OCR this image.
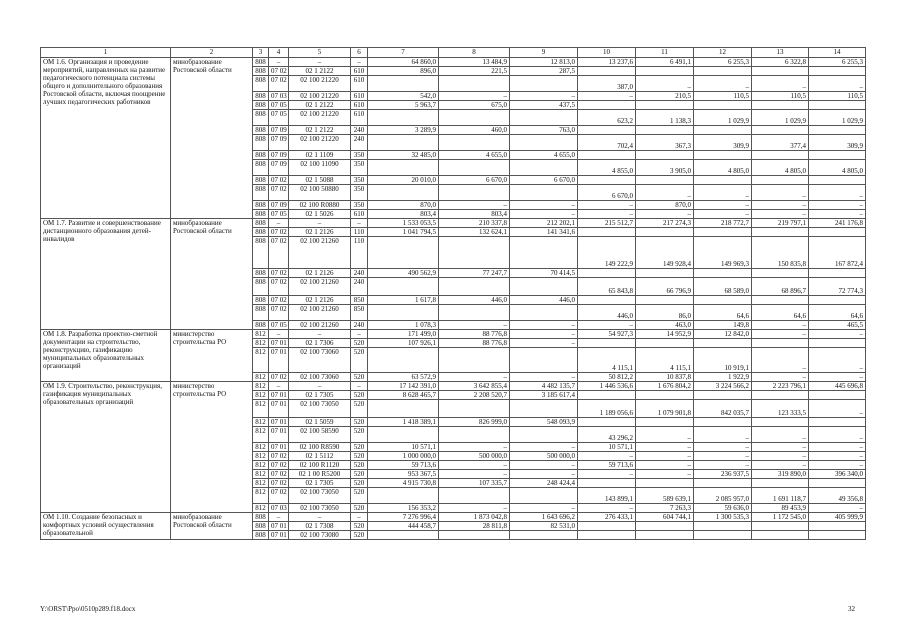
1	2	3	4	5	6	7	8	9	10	11	12	13	14
ОМ 1.6. Организация и проведение мероприятий, направленных на развитие педагогического потенциала системы общего и дополнительного образования Ростовской области, включая поощрение лучших педагогических работников	минобразование Ростовской области	808	–	–	–	64 860,0	13 484,9	12 813,0	13 237,6	6 491,1	6 255,3	6 322,8	6 255,3
		808	07 02	02 1 2122	610	896,0	221,5	287,5					
		808	07 02	02 100 21220	610				387,0	–	–	–	–
		808	07 03	02 100 21220	610	542,0	–	–	–	210,5	110,5	110,5	110,5
		808	07 05	02 1 2122	610	5 963,7	675,0	437,5					
		808	07 05	02 100 21220	610				623,2	1 138,3	1 029,9	1 029,9	1 029,9
		808	07 09	02 1 2122	240	3 289,9	460,0	763,0					
		808	07 09	02 100 21220	240				702,4	367,3	309,9	377,4	309,9
		808	07 09	02 1 1109	350	32 485,0	4 655,0	4 655,0					
		808	07 09	02 100 11090	350				4 855,0	3 905,0	4 805,0	4 805,0	4 805,0
		808	07 02	02 1 5088	350	20 010,0	6 670,0	6 670,0					
		808	07 02	02 100 50880	350				6 670,0	–	–	–	–
		808	07 09	02 100 R0880	350	870,0	–	–	–	870,0	–	–	–
		808	07 05	02 1 5026	610	803,4	803,4	–	–	–	–	–	–
ОМ 1.7. Развитие и совершенствование дистанционного образования детей-инвалидов	минобразование Ростовской области	808	–	–	–	1 533 053,5	210 337,8	212 202,1	215 512,7	217 274,3	218 772,7	219 797,1	241 176,8
		808	07 02	02 1 2126	110	1 041 794,5	132 624,1	141 341,6					
		808	07 02	02 100 21260	110				149 222,9	149 928,4	149 969,3	150 835,8	167 872,4
		808	07 02	02 1 2126	240	490 562,9	77 247,7	70 414,5					
		808	07 02	02 100 21260	240				65 843,8	66 796,9	68 589,0	68 896,7	72 774,3
		808	07 02	02 1 2126	850	1 617,8	446,0	446,0					
		808	07 02	02 100 21260	850				446,0	86,0	64,6	64,6	64,6
		808	07 05	02 100 21260	240	1 078,3	–	–	–	463,0	149,8	–	465,5
ОМ 1.8. Разработка проектно-сметной документации на строительство, реконструкцию, газификацию муниципальных образовательных организаций	министерство строительства РО	812	–	–	–	171 499,0	88 776,8	–	54 927,3	14 952,9	12 842,0	–	–
		812	07 01	02 1 7306	520	107 926,1	88 776,8	–					
		812	07 01	02 100 73060	520				4 115,1	4 115,1	10 919,1	–	–
		812	07 02	02 100 73060	520	63 572,9	–	–	50 812,2	10 837,8	1 922,9	–	–
ОМ 1.9. Строительство, реконструкция, газификация муниципальных образовательных организаций	министерство строительства РО	812	–	–	–	17 142 391,0	3 642 855,4	4 482 135,7	1 446 536,6	1 676 804,2	3 224 566,2	2 223 796,1	445 696,8
		812	07 01	02 1 7305	520	8 628 465,7	2 208 520,7	3 185 617,4					
		812	07 01	02 100 73050	520				1 189 056,6	1 079 901,8	842 035,7	123 333,5	–
		812	07 01	02 1 5059	520	1 418 389,1	826 999,0	548 093,9					
		812	07 01	02 100 58590	520				43 296,2	–	–	–	–
		812	07 01	02 100 R8590	520	10 571,1	–	–	10 571,1	–	–	–	–
		812	07 02	02 1 5112	520	1 000 000,0	500 000,0	500 000,0	–	–	–	–	–
		812	07 02	02 100 R1120	520	59 713,6	–	–	59 713,6	–	–	–	–
		812	07 02	02 1 00 R5200	520	953 367,5	–	–	–	–	236 937,5	319 890,0	396 340,0
		812	07 02	02 1 7305	520	4 915 730,8	107 335,7	248 424,4					
		812	07 02	02 100 73050	520				143 899,1	589 639,1	2 085 957,0	1 691 118,7	49 356,8
		812	07 03	02 100 73050	520	156 353,2	–	–	–	7 263,3	59 636,0	89 453,9	–
ОМ 1.10. Создание безопасных и комфортных условий осуществления образовательной	минобразование Ростовской области	808	–	–	–	7 276 996,4	1 873 042,8	1 643 696,2	276 433,1	604 744,1	1 300 535,3	1 172 545,0	405 999,9
		808	07 01	02 1 7308	520	444 458,7	28 811,8	82 531,0					
		808	07 01	02 100 73080	520								
Y:\ORST\Ppo\0510p289.f18.docx	32
